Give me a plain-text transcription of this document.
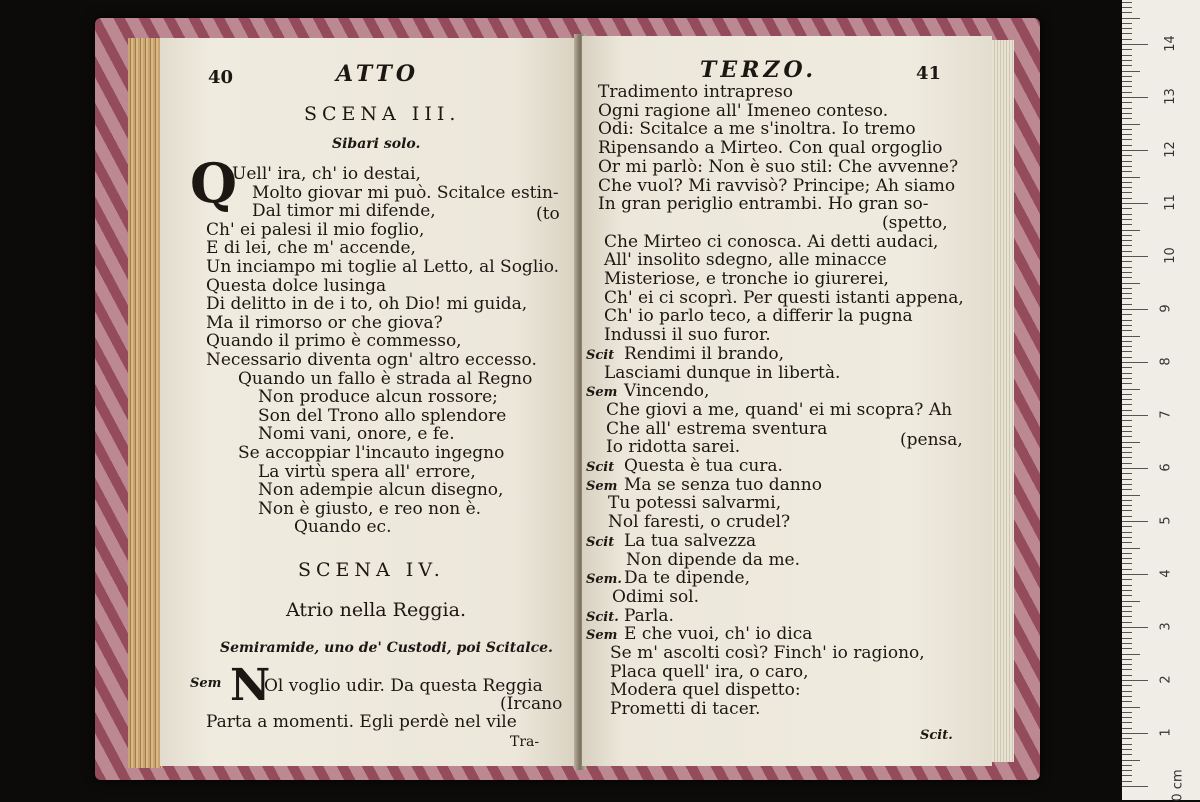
40	ATTO
SCENA III.
Sibari solo.
Q
Uell' ira, ch' io destai,
Molto giovar mi può. Scitalce estin-
Dal timor mi difende,
Ch' ei palesi il mio foglio,
E di lei, che m' accende,
Un inciampo mi toglie al Letto, al Soglio.
Questa dolce lusinga
Di delitto in de i to, oh Dio! mi guida,
Ma il rimorso or che giova?
Quando il primo è commesso,
Necessario diventa ogn' altro eccesso.
Quando un fallo è strada al Regno
Non produce alcun rossore;
Son del Trono allo splendore
Nomi vani, onore, e fe.
Se accoppiar l'incauto ingegno
La virtù spera all' errore,
Non adempie alcun disegno,
Non è giusto, e reo non è.
Quando ec.
(to
SCENA IV.
Atrio nella Reggia.
Semiramide, uno de' Custodi, poi Scitalce.
Sem N
Ol voglio udir. Da questa Reggia
(Ircano
Parta a momenti. Egli perdè nel vile
Tra-
TERZO.	41
Tradimento intrapreso
Ogni ragione all' Imeneo conteso.
Odi: Scitalce a me s'inoltra. Io tremo
Ripensando a Mirteo. Con qual orgoglio
Or mi parlò: Non è suo stil: Che avvenne?
Che vuol? Mi ravvisò? Principe; Ah siamo
In gran periglio entrambi. Ho gran so-
(spetto,
Che Mirteo ci conosca. Ai detti audaci,
All' insolito sdegno, alle minacce
Misteriose, e tronche io giurerei,
Ch' ei ci scoprì. Per questi istanti appena,
Ch' io parlo teco, a differir la pugna
Indussi il suo furor.
Scit Rendimi il brando,
Lasciami dunque in libertà.
Sem Vincendo,
Che giovi a me, quand' ei mi scopra? Ah
Che all' estrema sventura
Io ridotta sarei.
Scit Questa è tua cura.
Sem Ma se senza tuo danno
Tu potessi salvarmi,
Nol faresti, o crudel?
Scit La tua salvezza
Non dipende da me.
Sem. Da te dipende,
Odimi sol.
Scit. Parla.
Sem E che vuoi, ch' io dica
Se m' ascolti così? Finch' io ragiono,
Placa quell' ira, o caro,
Modera quel dispetto:
Prometti di tacer.
(pensa,
Scit.
0 cm
1
2
3
4
5
6
7
8
9
10
11
12
13
14
